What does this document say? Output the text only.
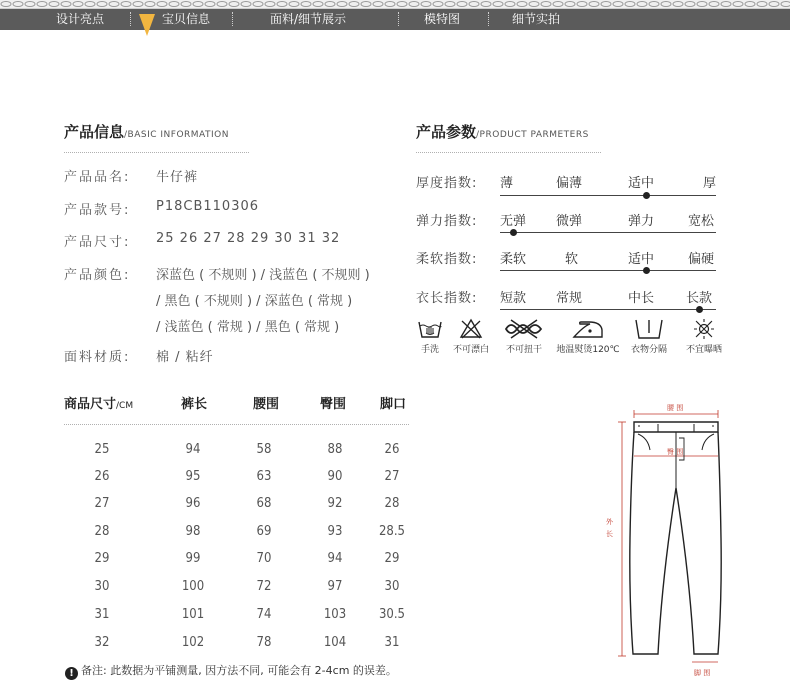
设计亮点	宝贝信息	面料/细节展示	模特图	细节实拍
产品信息/BASIC INFORMATION
产品品名: 牛仔裤
产品款号: P18CB110306
产品尺寸: 25 26 27 28 29 30 31 32
产品颜色: 深蓝色 ( 不规则 ) / 浅蓝色 ( 不规则 )
/ 黑色 ( 不规则 ) / 深蓝色 ( 常规 )
/ 浅蓝色 ( 常规 ) / 黑色 ( 常规 )
面料材质: 棉 / 粘纤
产品参数/PRODUCT PARMETERS
厚度指数: 薄	偏薄	适中	厚
弹力指数: 无弹 微弹	弹力	宽松
柔软指数: 柔软	软	适中	偏硬
衣长指数: 短款 常规	中长 长款
手洗	不可漂白	不可扭干	地温熨烫120℃	衣物分隔	不宜曝晒
商品尺寸/CM	裤长	腰围	臀围	脚口
25	94	58	88	26
26	95	63	90	27
27	96	68	92	28
28	98	69	93	28.5
29	99	70	94	29
30	100	72	97	30
31	101	74	103	30.5
32	102	78	104	31
! 备注: 此数据为平铺测量, 因方法不同, 可能会有 2-4cm 的误差。
腰 围
臀 围
外长
脚 围
